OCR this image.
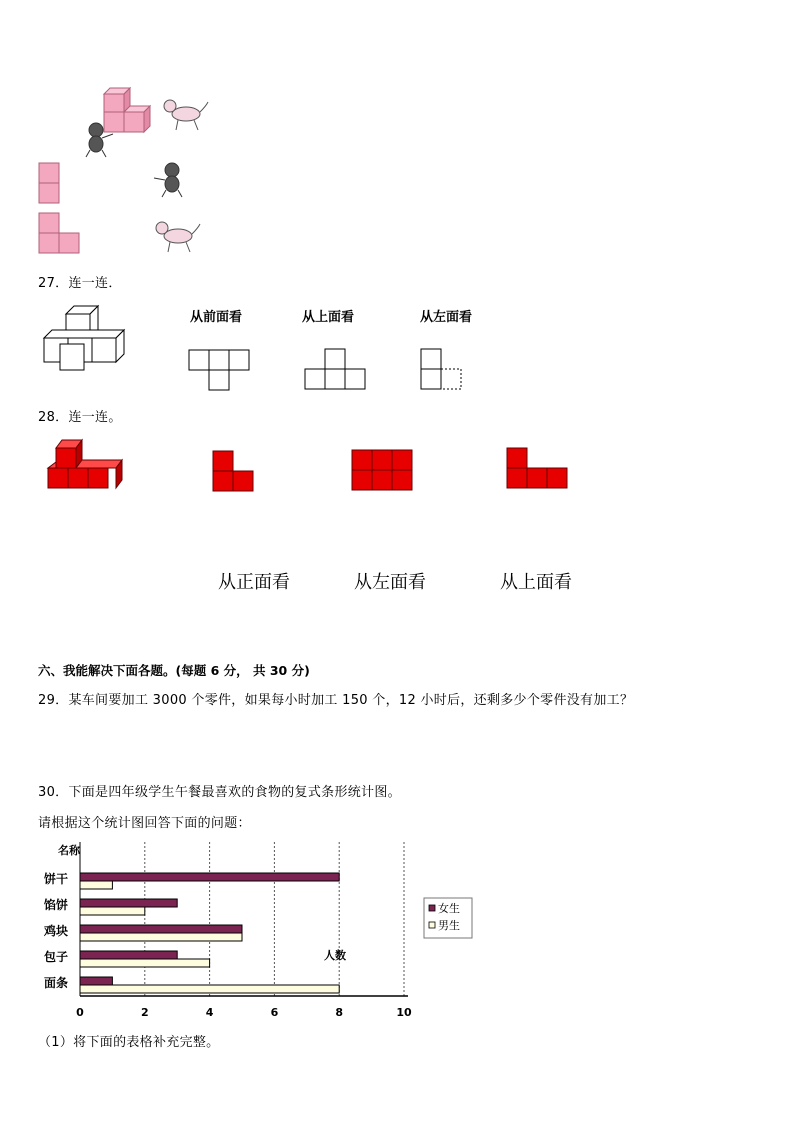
27．连一连．
从前面看	从上面看	从左面看
28．连一连。
从正面看	从左面看	从上面看
六、我能解决下面各题。(每题 6 分， 共 30 分)
29．某车间要加工 3000 个零件，如果每小时加工 150 个，12 小时后，还剩多少个零件没有加工？
30．下面是四年级学生午餐最喜欢的食物的复式条形统计图。
请根据这个统计图回答下面的问题：
0	2	4	6	8	10
名称
饼干
馅饼
鸡块
包子
面条
人数
女生
男生
（1）将下面的表格补充完整。
